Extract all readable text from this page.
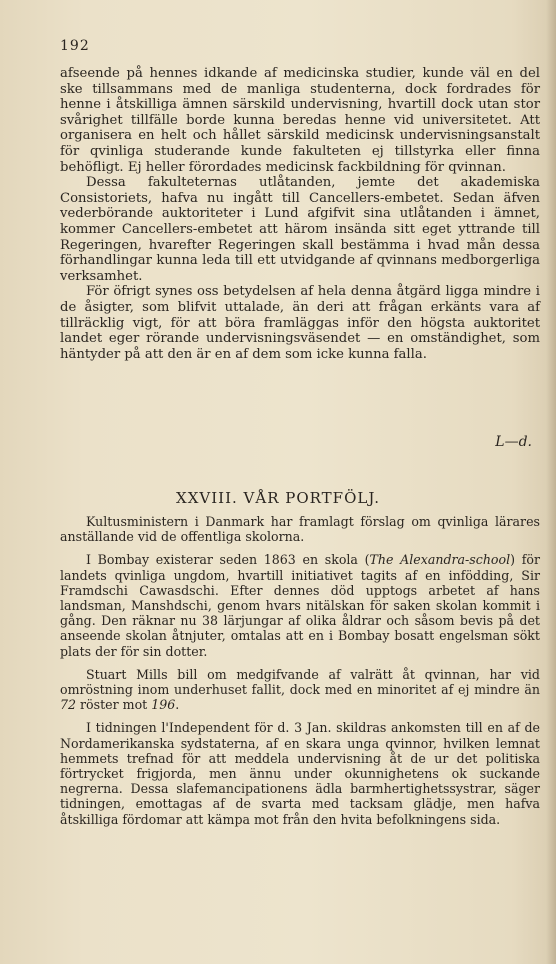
192

afseende på hennes idkande af medicinska studier, kunde väl en del ske tillsammans med de manliga studenterna, dock fordrades för henne i åtskilliga ämnen särskild undervisning, hvartill dock utan stor svårighet tillfälle borde kunna beredas henne vid universitetet. Att organisera en helt och hållet särskild medicinsk undervisningsanstalt för qvinliga studerande kunde fakulteten ej tillstyrka eller finna behöfligt. Ej heller förordades medicinsk fackbildning för qvinnan.

Dessa fakulteternas utlåtanden, jemte det akademiska Consistoriets, hafva nu ingått till Cancellers-embetet. Sedan äfven vederbörande auktoriteter i Lund afgifvit sina utlåtanden i ämnet, kommer Cancellers-embetet att härom insända sitt eget yttrande till Regeringen, hvarefter Regeringen skall bestämma i hvad mån dessa förhandlingar kunna leda till ett utvidgande af qvinnans medborgerliga verksamhet.

För öfrigt synes oss betydelsen af hela denna åtgärd ligga mindre i de åsigter, som blifvit uttalade, än deri att frågan erkänts vara af tillräcklig vigt, för att böra framläggas inför den högsta auktoritet landet eger rörande undervisningsväsendet — en omständighet, som häntyder på att den är en af dem som icke kunna falla.

L—d.
XXVIII. VÅR PORTFÖLJ.

Kultusministern i Danmark har framlagt förslag om qvinliga lärares anställande vid de offentliga skolorna.

I Bombay existerar seden 1863 en skola (The Alexandra-school) för landets qvinliga ungdom, hvartill initiativet tagits af en infödding, Sir Framdschi Cawasdschi. Efter dennes död upptogs arbetet af hans landsman, Manshdschi, genom hvars nitälskan för saken skolan kommit i gång. Den räknar nu 38 lärjungar af olika åldrar och såsom bevis på det anseende skolan åtnjuter, omtalas att en i Bombay bosatt engelsman sökt plats der för sin dotter.

Stuart Mills bill om medgifvande af valrätt åt qvinnan, har vid omröstning inom underhuset fallit, dock med en minoritet af ej mindre än 72 röster mot 196.

I tidningen l'Independent för d. 3 Jan. skildras ankomsten till en af de Nordamerikanska sydstaterna, af en skara unga qvinnor, hvilken lemnat hemmets trefnad för att meddela undervisning åt de ur det politiska förtrycket frigjorda, men ännu under okunnighetens ok suckande negrerna. Dessa slafemancipationens ädla barmhertighetssystrar, säger tidningen, emottagas af de svarta med tacksam glädje, men hafva åtskilliga fördomar att kämpa mot från den hvita befolkningens sida.
